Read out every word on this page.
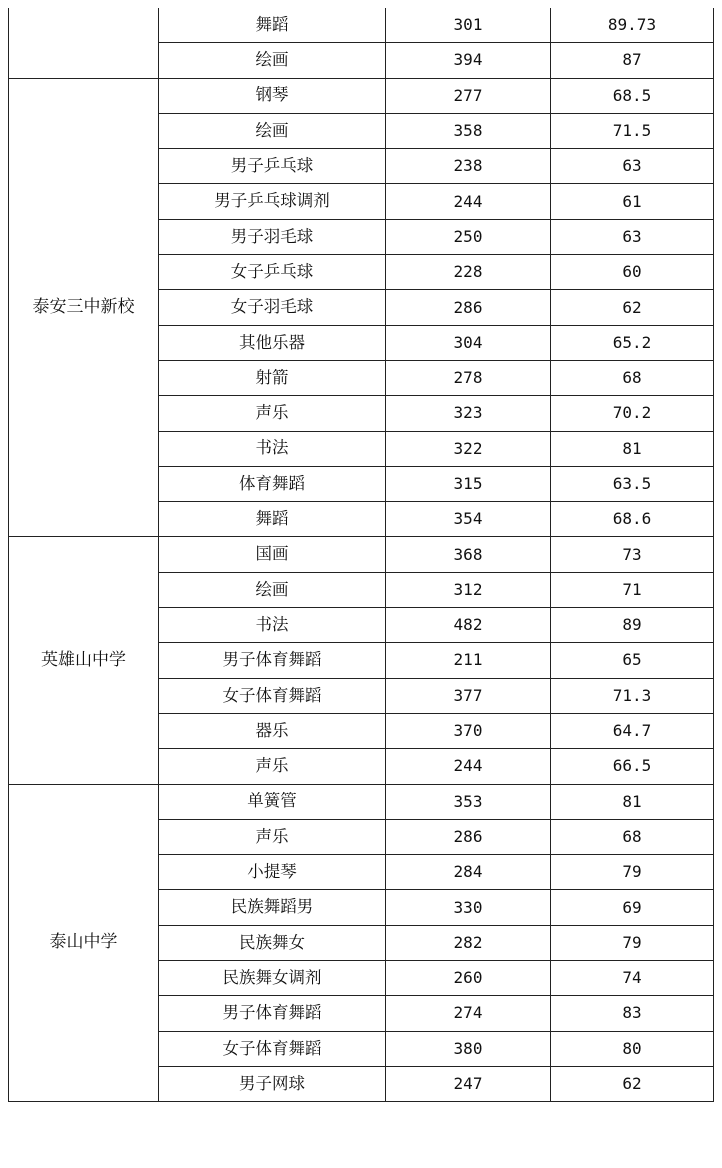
	舞蹈	301	89.73
	绘画	394	87
泰安三中新校	钢琴	277	68.5
	绘画	358	71.5
	男子乒乓球	238	63
	男子乒乓球调剂	244	61
	男子羽毛球	250	63
	女子乒乓球	228	60
	女子羽毛球	286	62
	其他乐器	304	65.2
	射箭	278	68
	声乐	323	70.2
	书法	322	81
	体育舞蹈	315	63.5
	舞蹈	354	68.6
英雄山中学	国画	368	73
	绘画	312	71
	书法	482	89
	男子体育舞蹈	211	65
	女子体育舞蹈	377	71.3
	器乐	370	64.7
	声乐	244	66.5
泰山中学	单簧管	353	81
	声乐	286	68
	小提琴	284	79
	民族舞蹈男	330	69
	民族舞女	282	79
	民族舞女调剂	260	74
	男子体育舞蹈	274	83
	女子体育舞蹈	380	80
	男子网球	247	62
